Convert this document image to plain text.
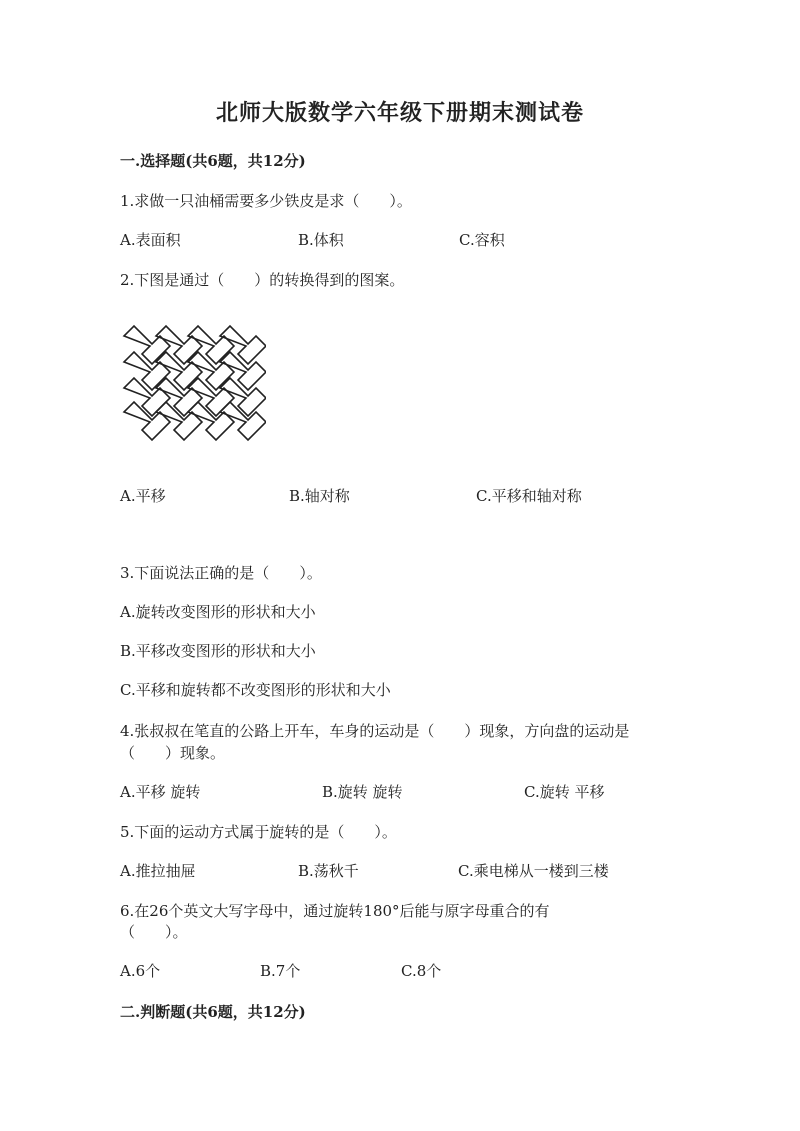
北师大版数学六年级下册期末测试卷
一.选择题(共6题，共12分)
1.求做一只油桶需要多少铁皮是求（　　）。
A.表面积	B.体积	C.容积
2.下图是通过（　　）的转换得到的图案。
A.平移	B.轴对称	C.平移和轴对称
3.下面说法正确的是（　　）。
A.旋转改变图形的形状和大小
B.平移改变图形的形状和大小
C.平移和旋转都不改变图形的形状和大小
4.张叔叔在笔直的公路上开车，车身的运动是（　　）现象，方向盘的运动是
（　　）现象。
A.平移 旋转	B.旋转 旋转	C.旋转 平移
5.下面的运动方式属于旋转的是（　　）。
A.推拉抽屉	B.荡秋千	C.乘电梯从一楼到三楼
6.在26个英文大写字母中，通过旋转180°后能与原字母重合的有
（　　）。
A.6个	B.7个	C.8个
二.判断题(共6题，共12分)
